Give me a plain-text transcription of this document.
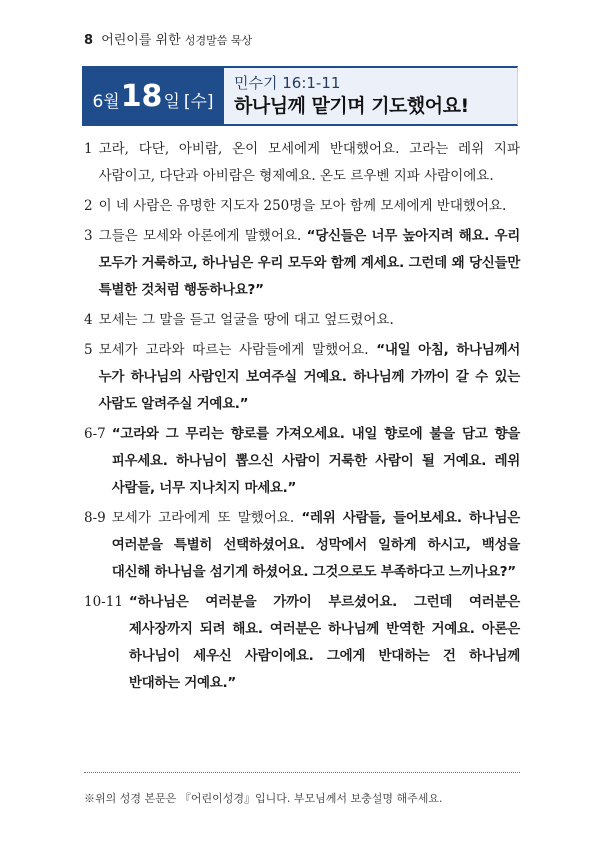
8 어린이를 위한 성경말씀 묵상
6월 18 일 [수]
민수기 16:1-11
하나님께 맡기며 기도했어요!
1 고라, 다단, 아비람, 온이 모세에게 반대했어요. 고라는 레위 지파 사람이고, 다단과 아비람은 형제예요. 온도 르우벤 지파 사람이에요.
2 이 네 사람은 유명한 지도자 250명을 모아 함께 모세에게 반대했어요.
3 그들은 모세와 아론에게 말했어요. “당신들은 너무 높아지려 해요. 우리 모두가 거룩하고, 하나님은 우리 모두와 함께 계세요. 그런데 왜 당신들만 특별한 것처럼 행동하나요?”
4 모세는 그 말을 듣고 얼굴을 땅에 대고 엎드렸어요.
5 모세가 고라와 따르는 사람들에게 말했어요. “내일 아침, 하나님께서 누가 하나님의 사람인지 보여주실 거예요. 하나님께 가까이 갈 수 있는 사람도 알려주실 거예요.”
6-7 “고라와 그 무리는 향로를 가져오세요. 내일 향로에 불을 담고 향을 피우세요. 하나님이 뽑으신 사람이 거룩한 사람이 될 거예요. 레위 사람들, 너무 지나치지 마세요.”
8-9 모세가 고라에게 또 말했어요. “레위 사람들, 들어보세요. 하나님은 여러분을 특별히 선택하셨어요. 성막에서 일하게 하시고, 백성을 대신해 하나님을 섬기게 하셨어요. 그것으로도 부족하다고 느끼나요?”
10-11 “하나님은 여러분을 가까이 부르셨어요. 그런데 여러분은 제사장까지 되려 해요. 여러분은 하나님께 반역한 거예요. 아론은 하나님이 세우신 사람이에요. 그에게 반대하는 건 하나님께 반대하는 거예요.”
※위의 성경 본문은 『어린이성경』입니다. 부모님께서 보충설명 해주세요.
